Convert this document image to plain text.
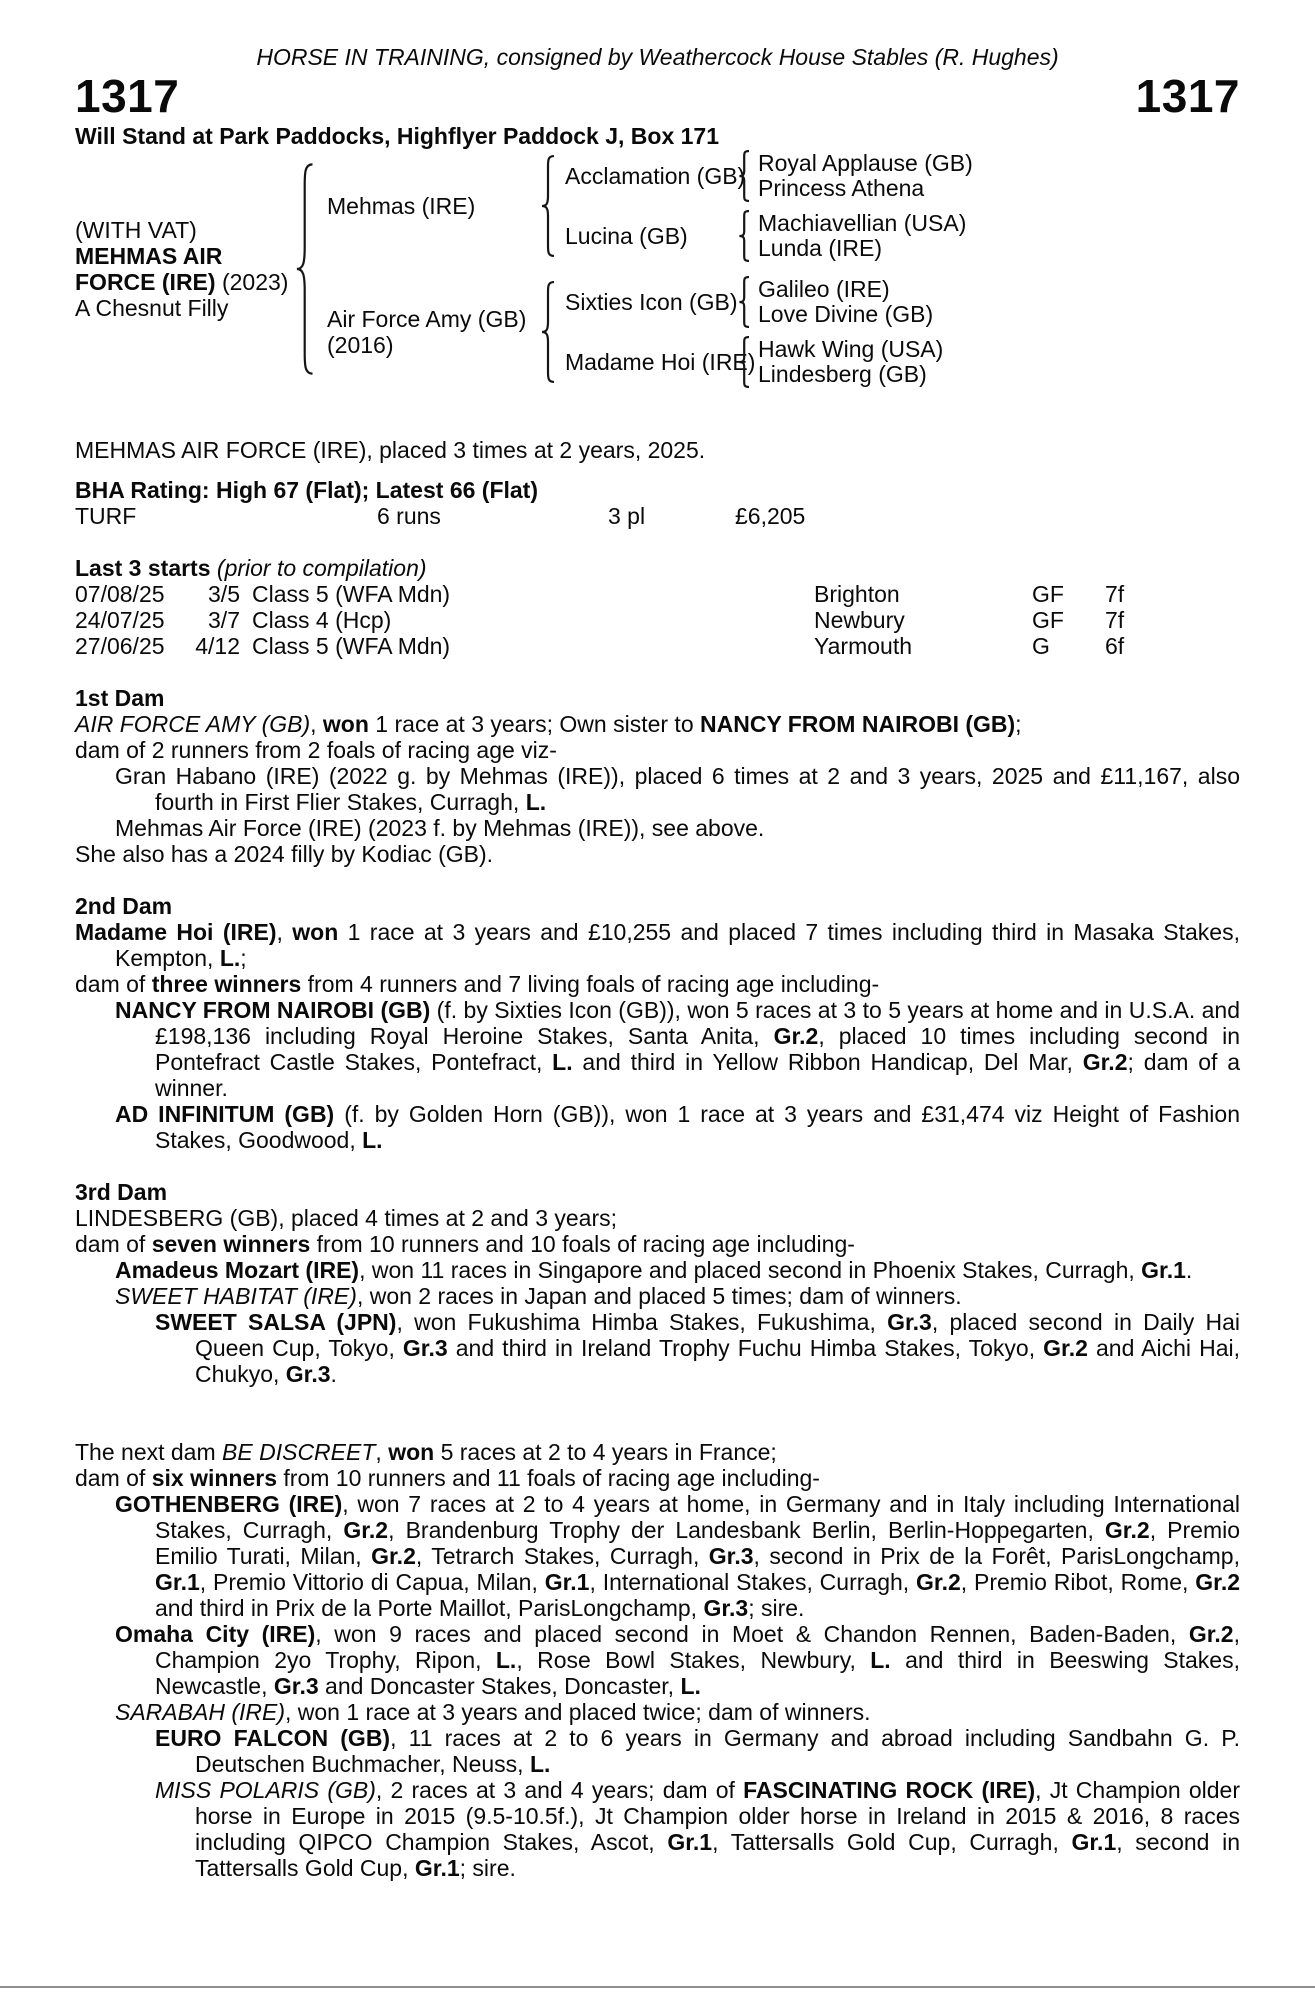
HORSE IN TRAINING, consigned by Weathercock House Stables (R. Hughes)
1317	1317
Will Stand at Park Paddocks, Highflyer Paddock J, Box 171
(WITH VAT)
MEHMAS AIR
FORCE (IRE) (2023)
A Chesnut Filly
Mehmas (IRE)
Acclamation (GB) Royal Applause (GB)
Princess Athena
Lucina (GB)	Machiavellian (USA)
Lunda (IRE)
Air Force Amy (GB)
(2016)
Sixties Icon (GB) Galileo (IRE)
Love Divine (GB)
Madame Hoi (IRE) Hawk Wing (USA)
Lindesberg (GB)
MEHMAS AIR FORCE (IRE), placed 3 times at 2 years, 2025.
BHA Rating: High 67 (Flat); Latest 66 (Flat)
TURF	6 runs	3 pl	£6,205
Last 3 starts (prior to compilation)
07/08/25	3/5 Class 5 (WFA Mdn)	Brighton	GF	7f
24/07/25	3/7 Class 4 (Hcp)	Newbury	GF	7f
27/06/25	4/12 Class 5 (WFA Mdn)	Yarmouth	G	6f
1st Dam

AIR FORCE AMY (GB), won 1 race at 3 years; Own sister to NANCY FROM NAIROBI (GB);

dam of 2 runners from 2 foals of racing age viz-

Gran Habano (IRE) (2022 g. by Mehmas (IRE)), placed 6 times at 2 and 3 years, 2025 and £11,167, also fourth in First Flier Stakes, Curragh, L.

Mehmas Air Force (IRE) (2023 f. by Mehmas (IRE)), see above.

She also has a 2024 filly by Kodiac (GB).

2nd Dam

Madame Hoi (IRE), won 1 race at 3 years and £10,255 and placed 7 times including third in Masaka Stakes, Kempton, L.;

dam of three winners from 4 runners and 7 living foals of racing age including-

NANCY FROM NAIROBI (GB) (f. by Sixties Icon (GB)), won 5 races at 3 to 5 years at home and in U.S.A. and £198,136 including Royal Heroine Stakes, Santa Anita, Gr.2, placed 10 times including second in Pontefract Castle Stakes, Pontefract, L. and third in Yellow Ribbon Handicap, Del Mar, Gr.2; dam of a winner.

AD INFINITUM (GB) (f. by Golden Horn (GB)), won 1 race at 3 years and £31,474 viz Height of Fashion Stakes, Goodwood, L.

3rd Dam

LINDESBERG (GB), placed 4 times at 2 and 3 years;

dam of seven winners from 10 runners and 10 foals of racing age including-

Amadeus Mozart (IRE), won 11 races in Singapore and placed second in Phoenix Stakes, Curragh, Gr.1.

SWEET HABITAT (IRE), won 2 races in Japan and placed 5 times; dam of winners.

SWEET SALSA (JPN), won Fukushima Himba Stakes, Fukushima, Gr.3, placed second in Daily Hai Queen Cup, Tokyo, Gr.3 and third in Ireland Trophy Fuchu Himba Stakes, Tokyo, Gr.2 and Aichi Hai, Chukyo, Gr.3.

The next dam BE DISCREET, won 5 races at 2 to 4 years in France;

dam of six winners from 10 runners and 11 foals of racing age including-

GOTHENBERG (IRE), won 7 races at 2 to 4 years at home, in Germany and in Italy including International Stakes, Curragh, Gr.2, Brandenburg Trophy der Landesbank Berlin, Berlin-Hoppegarten, Gr.2, Premio Emilio Turati, Milan, Gr.2, Tetrarch Stakes, Curragh, Gr.3, second in Prix de la Forêt, ParisLongchamp, Gr.1, Premio Vittorio di Capua, Milan, Gr.1, International Stakes, Curragh, Gr.2, Premio Ribot, Rome, Gr.2 and third in Prix de la Porte Maillot, ParisLongchamp, Gr.3; sire.

Omaha City (IRE), won 9 races and placed second in Moet & Chandon Rennen, Baden-Baden, Gr.2, Champion 2yo Trophy, Ripon, L., Rose Bowl Stakes, Newbury, L. and third in Beeswing Stakes, Newcastle, Gr.3 and Doncaster Stakes, Doncaster, L.

SARABAH (IRE), won 1 race at 3 years and placed twice; dam of winners.

EURO FALCON (GB), 11 races at 2 to 6 years in Germany and abroad including Sandbahn G. P. Deutschen Buchmacher, Neuss, L.

MISS POLARIS (GB), 2 races at 3 and 4 years; dam of FASCINATING ROCK (IRE), Jt Champion older horse in Europe in 2015 (9.5-10.5f.), Jt Champion older horse in Ireland in 2015 & 2016, 8 races including QIPCO Champion Stakes, Ascot, Gr.1, Tattersalls Gold Cup, Curragh, Gr.1, second in Tattersalls Gold Cup, Gr.1; sire.
